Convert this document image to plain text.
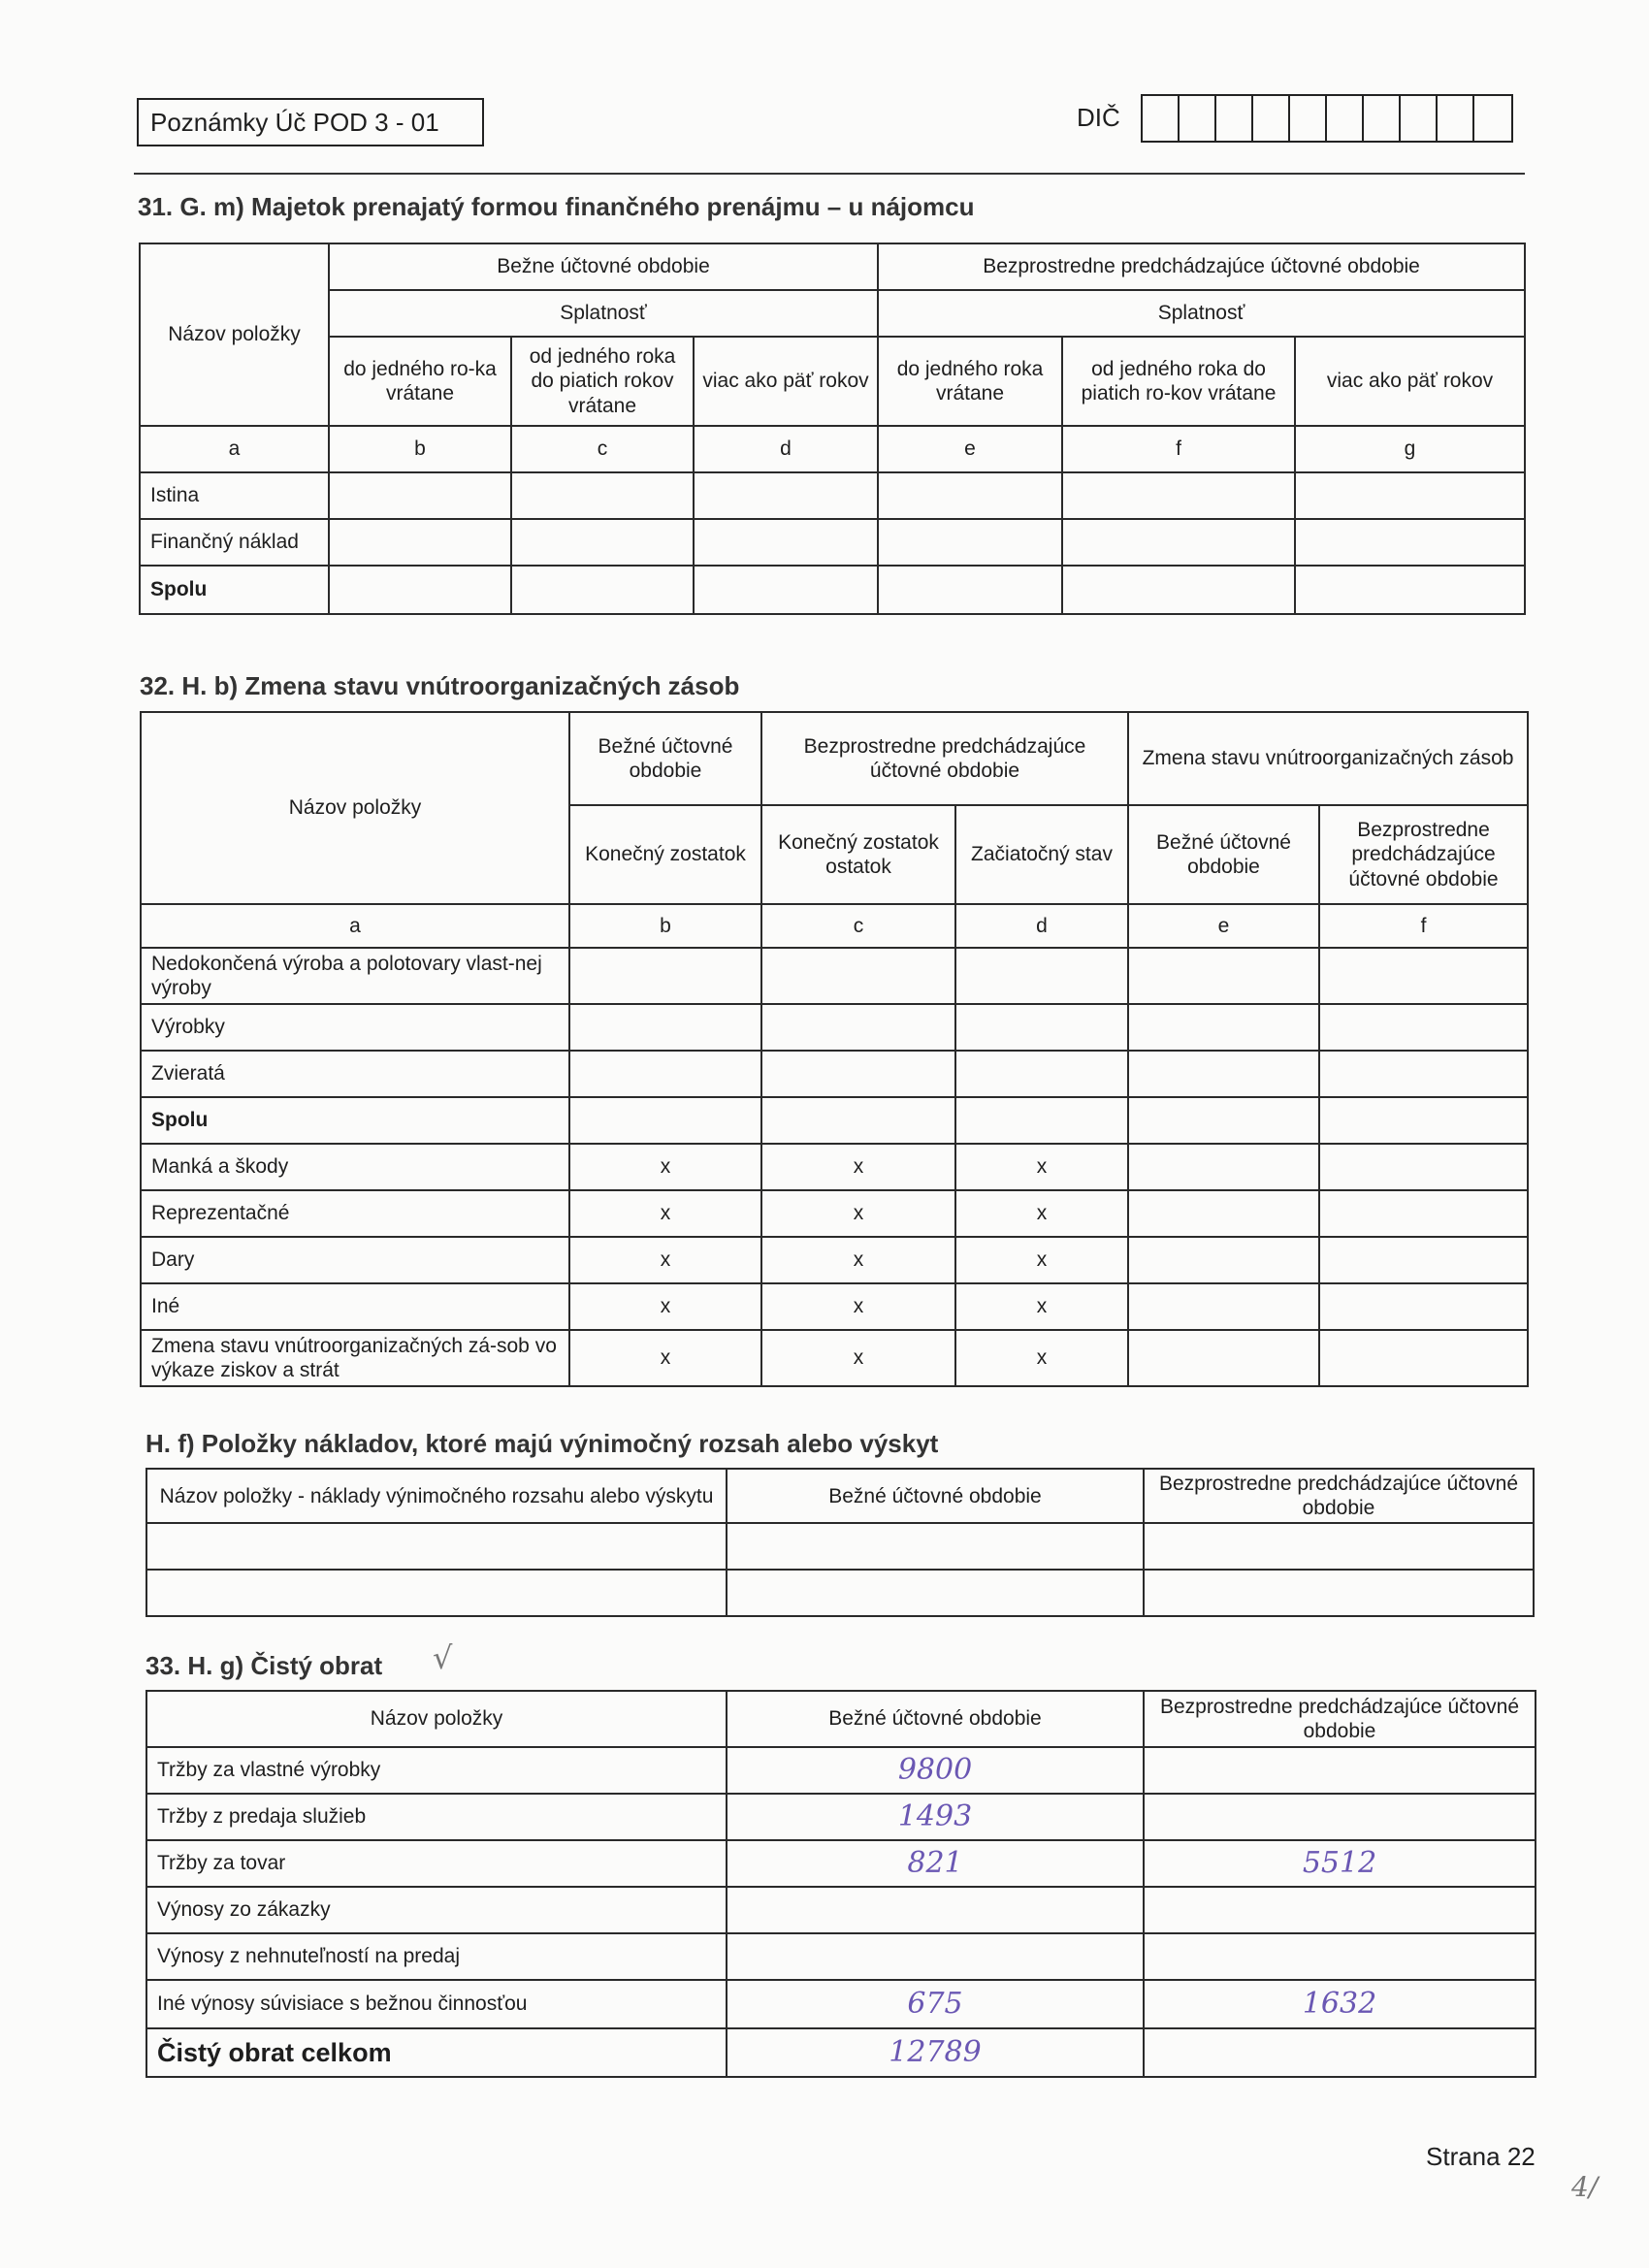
Poznámky Úč POD 3 - 01	DIČ
31. G. m) Majetok prenajatý formou finančného prenájmu – u nájomcu
Názov položky	Bežne účtovné obdobie			Bezprostredne predchádzajúce účtovné obdobie		
	Splatnosť			Splatnosť		
	do jedného ro-ka vrátane	od jedného roka do piatich rokov vrátane	viac ako päť rokov	do jedného roka vrátane	od jedného roka do piatich ro-kov vrátane	viac ako päť rokov
a	b	c	d	e	f	g
Istina						
Finančný náklad						
Spolu						
32. H. b) Zmena stavu vnútroorganizačných zásob
Názov položky	Bežné účtovné obdobie	Bezprostredne predchádzajúce účtovné obdobie		Zmena stavu vnútroorganizačných zásob	
	Konečný zostatok	Konečný zostatok ostatok	Začiatočný stav	Bežné účtovné obdobie	Bezprostredne predchádzajúce účtovné obdobie
a	b	c	d	e	f
Nedokončená výroba a polotovary vlast-nej výroby					
Výrobky					
Zvieratá					
Spolu					
Manká a škody	x	x	x		
Reprezentačné	x	x	x		
Dary	x	x	x		
Iné	x	x	x		
Zmena stavu vnútroorganizačných zá-sob vo výkaze ziskov a strát	x	x	x		
H. f) Položky nákladov, ktoré majú výnimočný rozsah alebo výskyt
Názov položky - náklady výnimočného rozsahu alebo výskytu	Bežné účtovné obdobie	Bezprostredne predchádzajúce účtovné obdobie

33. H. g) Čistý obrat √
Názov položky	Bežné účtovné obdobie	Bezprostredne predchádzajúce účtovné obdobie
Tržby za vlastné výrobky	9800	
Tržby z predaja služieb	1493	
Tržby za tovar	821	5512
Výnosy zo zákazky		
Výnosy z nehnuteľností na predaj		
Iné výnosy súvisiace s bežnou činnosťou	675	1632
Čistý obrat celkom	12789	
Strana 22
4/
